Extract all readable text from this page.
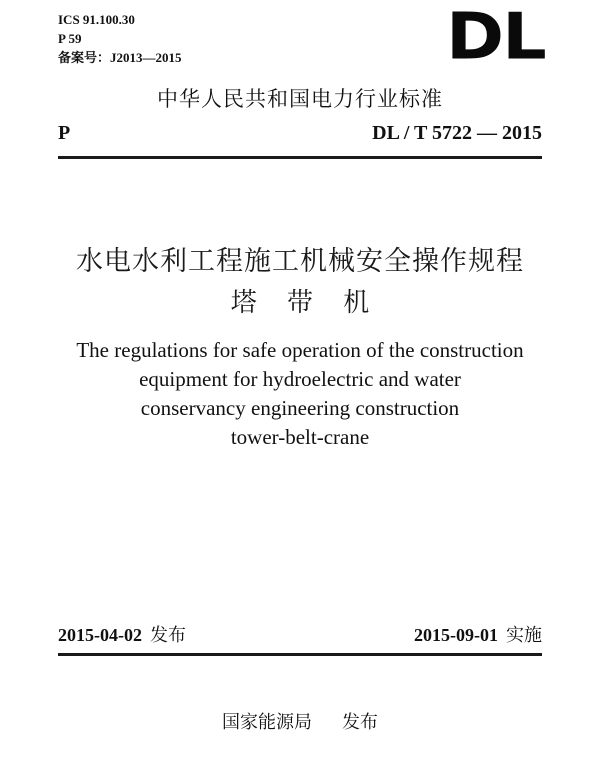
ICS 91.100.30
P 59
备案号：J2013—2015	DL
中华人民共和国电力行业标准
P	DL / T 5722 — 2015
水电水利工程施工机械安全操作规程
塔 带 机
The regulations for safe operation of the construction
equipment for hydroelectric and water
conservancy engineering construction
tower-belt-crane
2015-04-02 发布	2015-09-01 实施
国家能源局 发布
